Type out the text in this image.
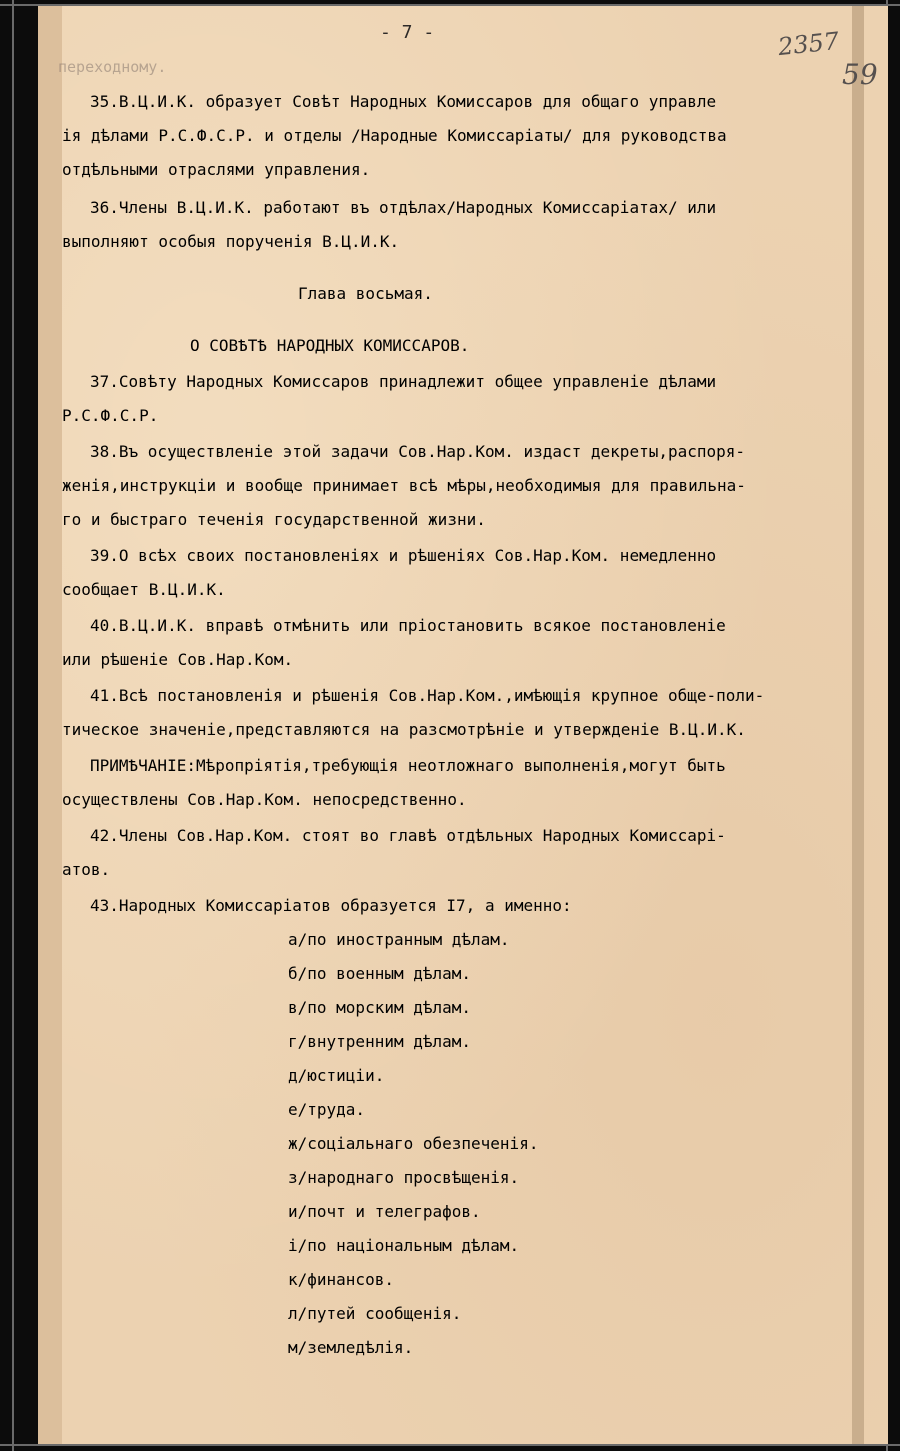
- 7 -	2357
59
переходному.
35.В.Ц.И.К. образует Совѣт Народных Комиссаров для общаго управле
ія дѣлами Р.С.Ф.С.Р. и отделы /Народные Комиссаріаты/ для руководства
отдѣльными отраслями управления.
36.Члены В.Ц.И.К. работают въ отдѣлах/Народных Комиссаріатах/ или
выполняют особыя порученія В.Ц.И.К.
Глава восьмая.
О СОВѢТѢ НАРОДНЫХ КОМИССАРОВ.
37.Совѣту Народных Комиссаров принадлежит общее управленіе дѣлами
Р.С.Ф.С.Р.
38.Въ осуществленіе этой задачи Сов.Нар.Ком. издаст декреты,распоря-
женія,инструкціи и вообще принимает всѣ мѣры,необходимыя для правильна-
го и быстраго теченія государственной жизни.
39.О всѣх своих постановленіях и рѣшеніях Сов.Нар.Ком. немедленно
сообщает В.Ц.И.К.
40.В.Ц.И.К. вправѣ отмѣнить или пріостановить всякое постановленіе
или рѣшеніе Сов.Нар.Ком.
41.Всѣ постановленія и рѣшенія Сов.Нар.Ком.,имѣющія крупное обще-поли-
тическое значеніе,представляются на разсмотрѣніе и утвержденіе В.Ц.И.К.
ПРИМѢЧАНІЕ:Мѣропріятія,требующія неотложнаго выполненія,могут быть
осуществлены Сов.Нар.Ком. непосредственно.
42.Члены Сов.Нар.Ком. стоят во главѣ отдѣльных Народных Комиссарі-
атов.
43.Народных Комиссаріатов образуется I7, а именно:
а/по иностранным дѣлам.
б/по военным дѣлам.
в/по морским дѣлам.
г/внутренним дѣлам.
д/юстиціи.
е/труда.
ж/соціальнаго обезпеченія.
з/народнаго просвѣщенія.
и/почт и телеграфов.
і/по національным дѣлам.
к/финансов.
л/путей сообщенія.
м/земледѣлія.
